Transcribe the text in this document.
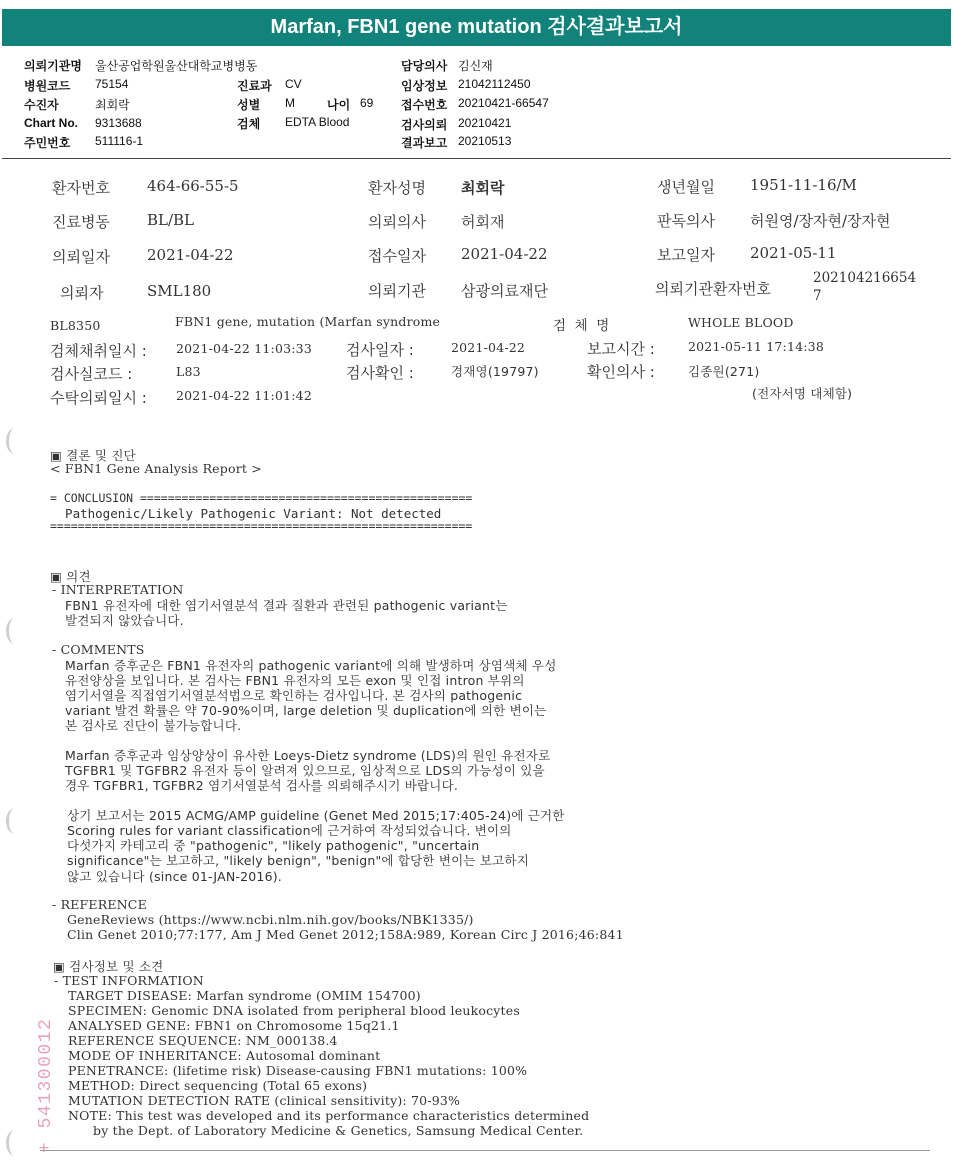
Marfan, FBN1 gene mutation 검사결과보고서
의뢰기관명 울산공업학원울산대학교병병동
병원코드 75154
수진자	최회락
Chart No. 9313688
주민번호 511116-1
진료과 CV
성별 M	나이 69
검체 EDTA Blood
담당의사 김신재
임상정보 21042112450
접수번호 20210421-66547
검사의뢰 20210421
결과보고 20210513
환자번호 464-66-55-5	환자성명 최회락	생년월일 1951-11-16/M
진료병동 BL/BL	의뢰의사 허회재	판독의사 허원영/장자현/장자현
의뢰일자 2021-04-22	접수일자 2021-04-22	보고일자 2021-05-11
의뢰자	SML180	의뢰기관 삼광의료재단	의뢰기관환자번호
202104216654
7
BL8350	FBN1 gene, mutation (Marfan syndrome	검  체  명	WHOLE BLOOD
검체채취일시 : 2021-04-22 11:03:33 검사일자 :	2021-04-22	보고시간 :	2021-05-11 17:14:38
검사실코드 :	L83	검사확인 :	경재영(19797)	확인의사 :	김종원(271)
수탁의뢰일시 : 2021-04-22 11:01:42	(전자서명 대체함)
▣ 결론 및 진단
< FBN1 Gene Analysis Report >
= CONCLUSION ================================================
Pathogenic/Likely Pathogenic Variant: Not detected
=============================================================
▣ 의견
- INTERPRETATION
FBN1 유전자에 대한 염기서열분석 결과 질환과 관련된 pathogenic variant는
발견되지 않았습니다.
- COMMENTS
Marfan 증후군은 FBN1 유전자의 pathogenic variant에 의해 발생하며 상염색체 우성
유전양상을 보입니다. 본 검사는 FBN1 유전자의 모든 exon 및 인접 intron 부위의
염기서열을 직접염기서열분석법으로 확인하는 검사입니다. 본 검사의 pathogenic
variant 발견 확률은 약 70-90%이며, large deletion 및 duplication에 의한 변이는
본 검사로 진단이 불가능합니다.
Marfan 증후군과 임상양상이 유사한 Loeys-Dietz syndrome (LDS)의 원인 유전자로
TGFBR1 및 TGFBR2 유전자 등이 알려져 있으므로, 임상적으로 LDS의 가능성이 있을
경우 TGFBR1, TGFBR2 염기서열분석 검사를 의뢰해주시기 바랍니다.
상기 보고서는 2015 ACMG/AMP guideline (Genet Med 2015;17:405-24)에 근거한
Scoring rules for variant classification에 근거하여 작성되었습니다. 변이의
다섯가지 카테고리 중 "pathogenic", "likely pathogenic", "uncertain
significance"는 보고하고, "likely benign", "benign"에 합당한 변이는 보고하지
않고 있습니다 (since 01-JAN-2016).
- REFERENCE
GeneReviews (https://www.ncbi.nlm.nih.gov/books/NBK1335/)
Clin Genet 2010;77:177, Am J Med Genet 2012;158A:989, Korean Circ J 2016;46:841
▣ 검사정보 및 소견
- TEST INFORMATION
TARGET DISEASE: Marfan syndrome (OMIM 154700)
SPECIMEN: Genomic DNA isolated from peripheral blood leukocytes
ANALYSED GENE: FBN1 on Chromosome 15q21.1
REFERENCE SEQUENCE: NM_000138.4
MODE OF INHERITANCE: Autosomal dominant
PENETRANCE: (lifetime risk) Disease-causing FBN1 mutations: 100%
METHOD: Direct sequencing (Total 65 exons)
MUTATION DETECTION RATE (clinical sensitivity): 70-93%
NOTE: This test was developed and its performance characteristics determined
by the Dept. of Laboratory Medicine & Genetics, Samsung Medical Center.
+ 541300012
